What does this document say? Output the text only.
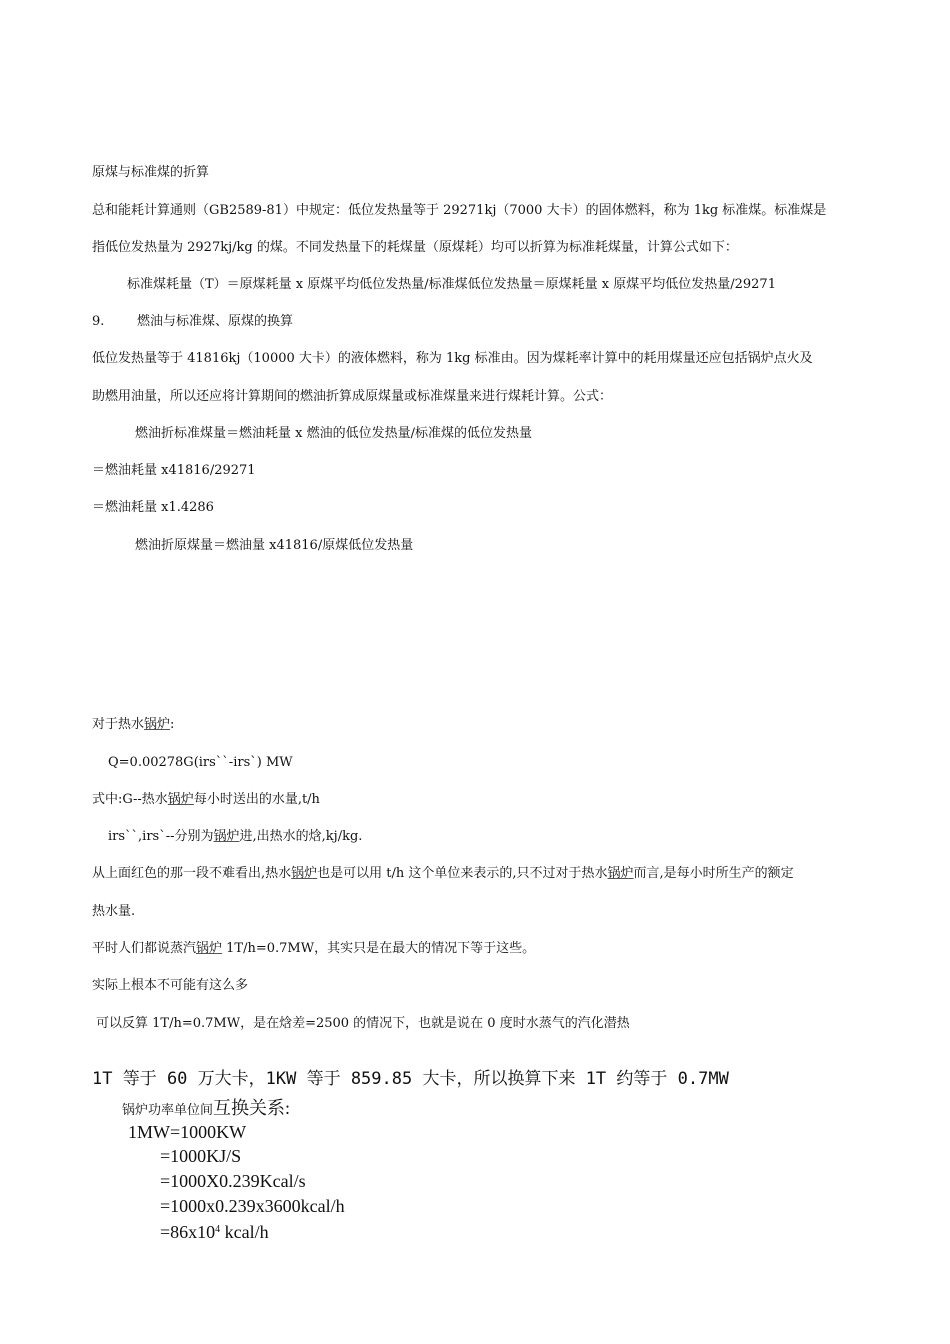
原煤与标准煤的折算
总和能耗计算通则（GB2589-81）中规定：低位发热量等于 29271kj（7000 大卡）的固体燃料，称为 1kg 标准煤。标准煤是
指低位发热量为 2927kj/kg 的煤。不同发热量下的耗煤量（原煤耗）均可以折算为标准耗煤量，计算公式如下：
标准煤耗量（T）＝原煤耗量 x 原煤平均低位发热量/标准煤低位发热量＝原煤耗量 x 原煤平均低位发热量/29271
9.	燃油与标准煤、原煤的换算
低位发热量等于 41816kj（10000 大卡）的液体燃料，称为 1kg 标准由。因为煤耗率计算中的耗用煤量还应包括锅炉点火及
助燃用油量，所以还应将计算期间的燃油折算成原煤量或标准煤量来进行煤耗计算。公式：
燃油折标准煤量＝燃油耗量 x 燃油的低位发热量/标准煤的低位发热量
＝燃油耗量 x41816/29271
＝燃油耗量 x1.4286
燃油折原煤量＝燃油量 x41816/原煤低位发热量
对于热水锅炉:
Q=0.00278G(irs``-irs`) MW
式中:G--热水锅炉每小时送出的水量,t/h
irs``,irs`--分别为锅炉进,出热水的焓,kj/kg.
从上面红色的那一段不难看出,热水锅炉也是可以用 t/h 这个单位来表示的,只不过对于热水锅炉而言,是每小时所生产的额定
热水量.
平时人们都说蒸汽锅炉 1T/h=0.7MW，其实只是在最大的情况下等于这些。
实际上根本不可能有这么多
可以反算 1T/h=0.7MW，是在焓差=2500 的情况下，也就是说在 0 度时水蒸气的汽化潜热
1T 等于 60 万大卡，1KW 等于 859.85 大卡，所以换算下来 1T 约等于 0.7MW
锅炉功率单位间互换关系:
1MW=1000KW
=1000KJ/S
=1000X0.239Kcal/s
=1000x0.239x3600kcal/h
$=86x10^4$ kcal/h
